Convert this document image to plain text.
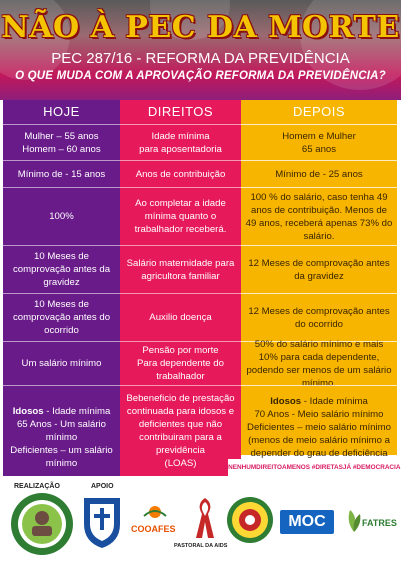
NÃO À PEC DA MORTE
PEC 287/16 - REFORMA DA PREVIDÊNCIA
O QUE MUDA COM A APROVAÇÃO REFORMA DA PREVIDÊNCIA?
HOJE
Mulher – 55 anos
Homem – 60 anos
Mínimo de - 15 anos
100%
10 Meses de comprovação antes da gravidez
10 Meses de comprovação antes do ocorrido
Um salário mínimo

Idosos - Idade mínima 65 Anos - Um salário mínimo
Deficientes – um salário mínimo

DIREITOS
Idade mínima
para aposentadoria
Anos de contribuição
Ao completar a idade mínima quanto o trabalhador receberá.
Salário maternidade para agricultora familiar
Auxilio doença
Pensão por morte
Para dependente do trabalhador
Bebeneficio de prestação continuada para idosos e deficientes que não contribuiram para a previdência
(LOAS)
DEPOIS
Homem e Mulher
65 anos
Mínimo de - 25 anos
100 % do salário, caso tenha 49 anos de contribuição. Menos de 49 anos, receberá apenas 73% do salário.
12 Meses de comprovação antes da gravidez
12 Meses de comprovação antes do ocorrido
50% do salário mínimo e mais 10% para cada dependente, podendo ser menos de um salário mínimo.

Idosos - Idade mínima
70 Anos - Meio salário mínimo
Deficientes – meio salário mínimo
(menos de meio salário mínimo a depender do grau de deficiência

#NENHUMDIREITOAMENOS #DIRETASJÁ #DEMOCRACIA
REALIZAÇÃO	APOIO
COOAFES
PASTORAL DA AIDS
MOC	FATRES
